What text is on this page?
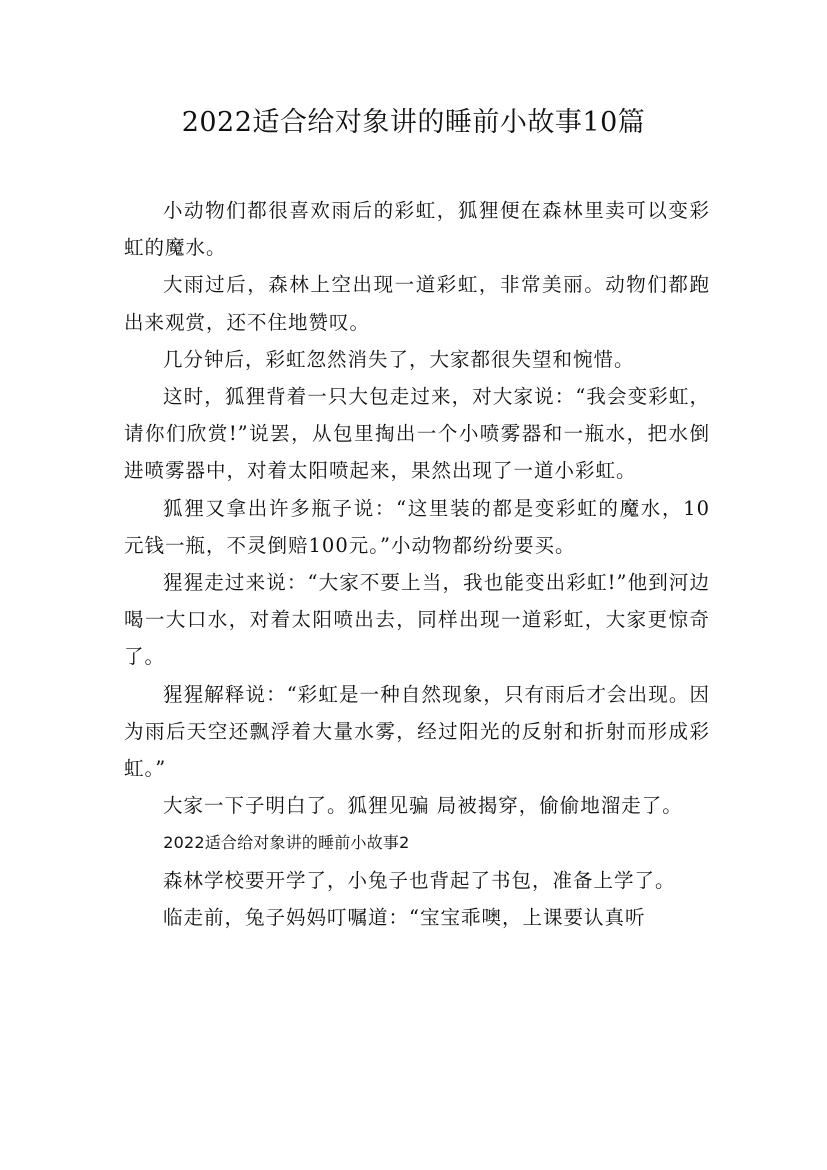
2022适合给对象讲的睡前小故事10篇

小动物们都很喜欢雨后的彩虹，狐狸便在森林里卖可以变彩虹的魔水。

大雨过后，森林上空出现一道彩虹，非常美丽。动物们都跑出来观赏，还不住地赞叹。

几分钟后，彩虹忽然消失了，大家都很失望和惋惜。

这时，狐狸背着一只大包走过来，对大家说：“我会变彩虹，请你们欣赏!”说罢，从包里掏出一个小喷雾器和一瓶水，把水倒进喷雾器中，对着太阳喷起来，果然出现了一道小彩虹。

狐狸又拿出许多瓶子说：“这里装的都是变彩虹的魔水，10元钱一瓶，不灵倒赔100元。”小动物都纷纷要买。

猩猩走过来说：“大家不要上当，我也能变出彩虹!”他到河边喝一大口水，对着太阳喷出去，同样出现一道彩虹，大家更惊奇了。

猩猩解释说：“彩虹是一种自然现象，只有雨后才会出现。因为雨后天空还飘浮着大量水雾，经过阳光的反射和折射而形成彩虹。”

大家一下子明白了。狐狸见骗 局被揭穿，偷偷地溜走了。

2022适合给对象讲的睡前小故事2

森林学校要开学了，小兔子也背起了书包，准备上学了。

临走前，兔子妈妈叮嘱道：“宝宝乖噢，上课要认真听
